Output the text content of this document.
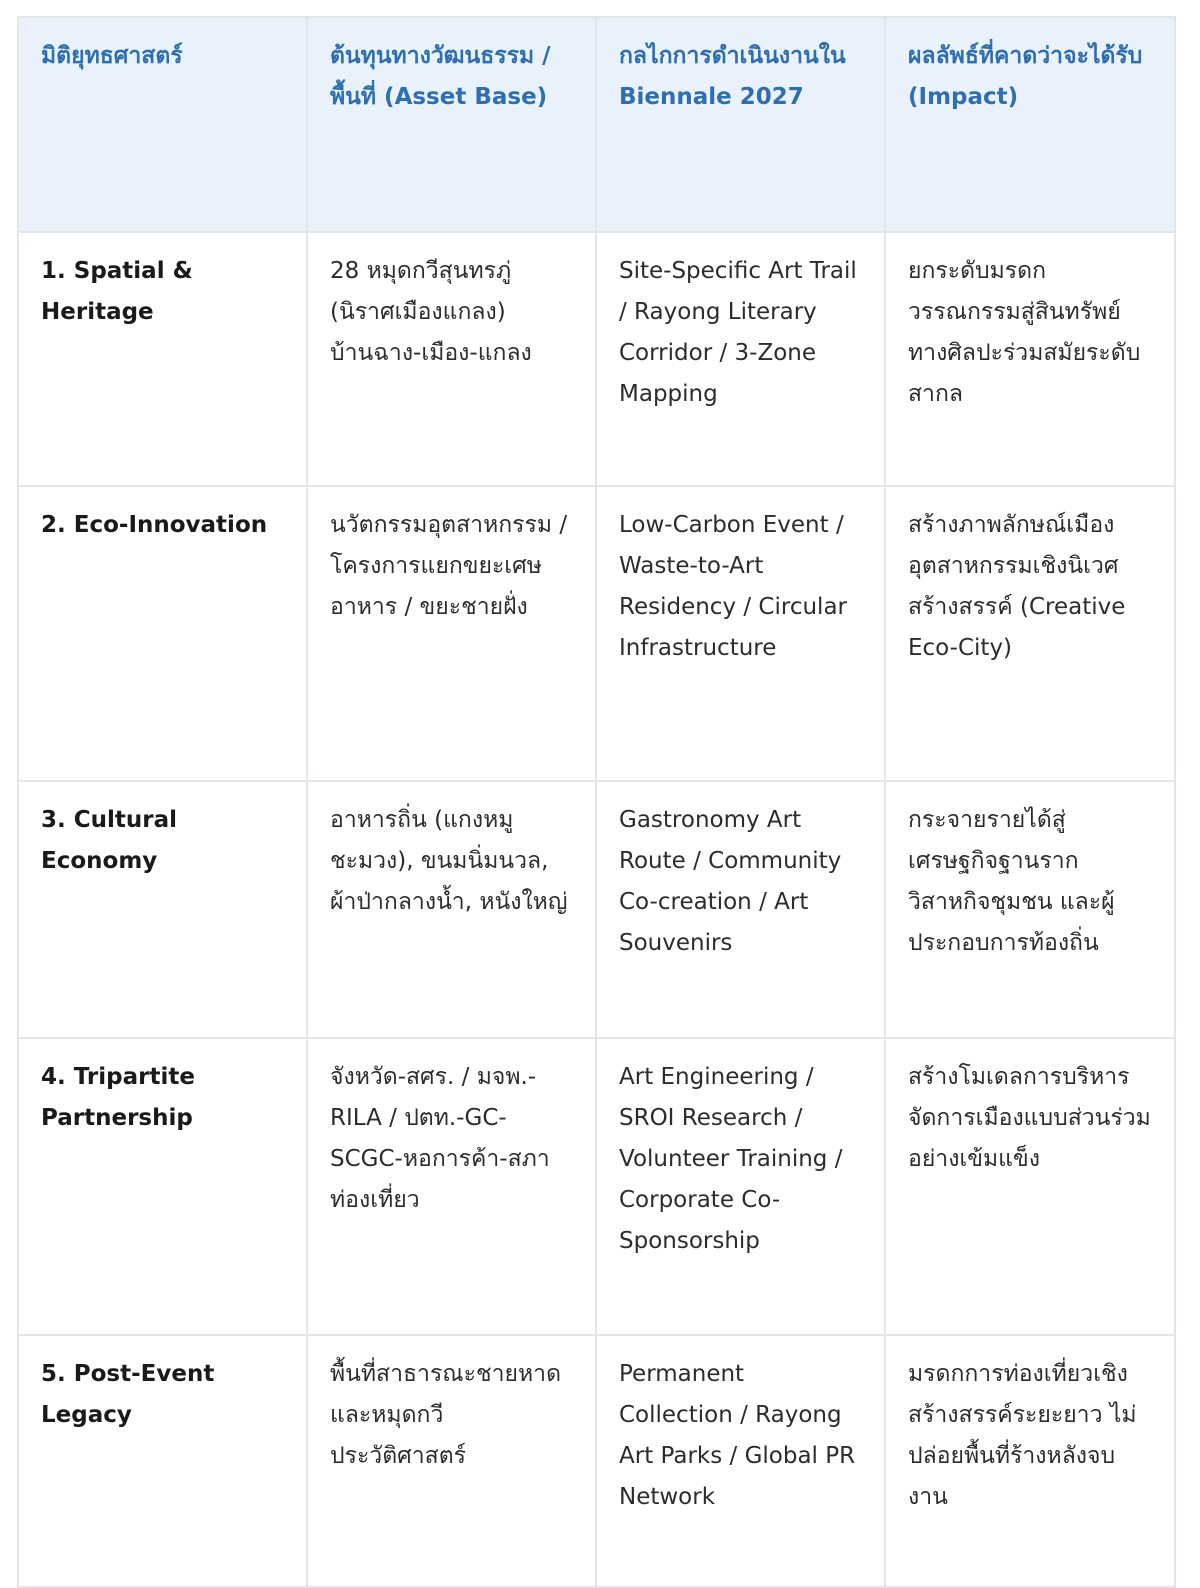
มิติยุทธศาสตร์	ต้นทุนทางวัฒนธรรม / พื้นที่ (Asset Base)	กลไกการดำเนินงานใน Biennale 2027	ผลลัพธ์ที่คาดว่าจะได้รับ (Impact)
1. Spatial & Heritage	28 หมุดกวีสุนทรภู่ (นิราศเมืองแกลง) บ้านฉาง-เมือง-แกลง	Site-Specific Art Trail / Rayong Literary Corridor / 3-Zone Mapping	ยกระดับมรดกวรรณกรรมสู่สินทรัพย์ทางศิลปะร่วมสมัยระดับสากล
2. Eco-Innovation	นวัตกรรมอุตสาหกรรม / โครงการแยกขยะเศษอาหาร / ขยะชายฝั่ง	Low-Carbon Event / Waste-to-Art Residency / Circular Infrastructure	สร้างภาพลักษณ์เมืองอุตสาหกรรมเชิงนิเวศสร้างสรรค์ (Creative Eco-City)
3. Cultural Economy	อาหารถิ่น (แกงหมูชะมวง), ขนมนิ่มนวล, ผ้าป่ากลางน้ำ, หนังใหญ่	Gastronomy Art Route / Community Co-creation / Art Souvenirs	กระจายรายได้สู่เศรษฐกิจฐานรากวิสาหกิจชุมชน และผู้ประกอบการท้องถิ่น
4. Tripartite Partnership	จังหวัด-สศร. / มจพ.-RILA / ปตท.-GC-SCGC-หอการค้า-สภาท่องเที่ยว	Art Engineering / SROI Research / Volunteer Training / Corporate Co-Sponsorship	สร้างโมเดลการบริหารจัดการเมืองแบบส่วนร่วมอย่างเข้มแข็ง
5. Post-Event Legacy	พื้นที่สาธารณะชายหาด และหมุดกวีประวัติศาสตร์	Permanent Collection / Rayong Art Parks / Global PR Network	มรดกการท่องเที่ยวเชิงสร้างสรรค์ระยะยาว ไม่ปล่อยพื้นที่ร้างหลังจบงาน
